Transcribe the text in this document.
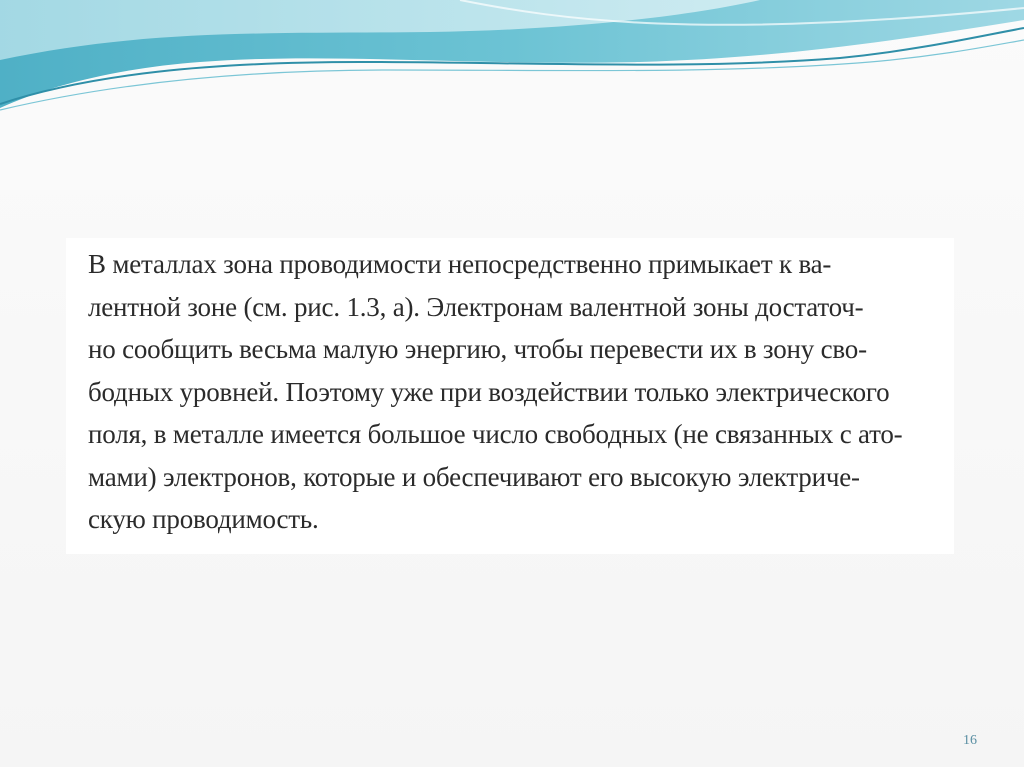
В металлах зона проводимости непосредственно примыкает к ва-
лентной зоне (см. рис. 1.3, а). Электронам валентной зоны достаточ-
но сообщить весьма малую энергию, чтобы перевести их в зону сво-
бодных уровней. Поэтому уже при воздействии только электрического
поля, в металле имеется большое число свободных (не связанных с ато-
мами) электронов, которые и обеспечивают его высокую электриче-
скую проводимость.

16
